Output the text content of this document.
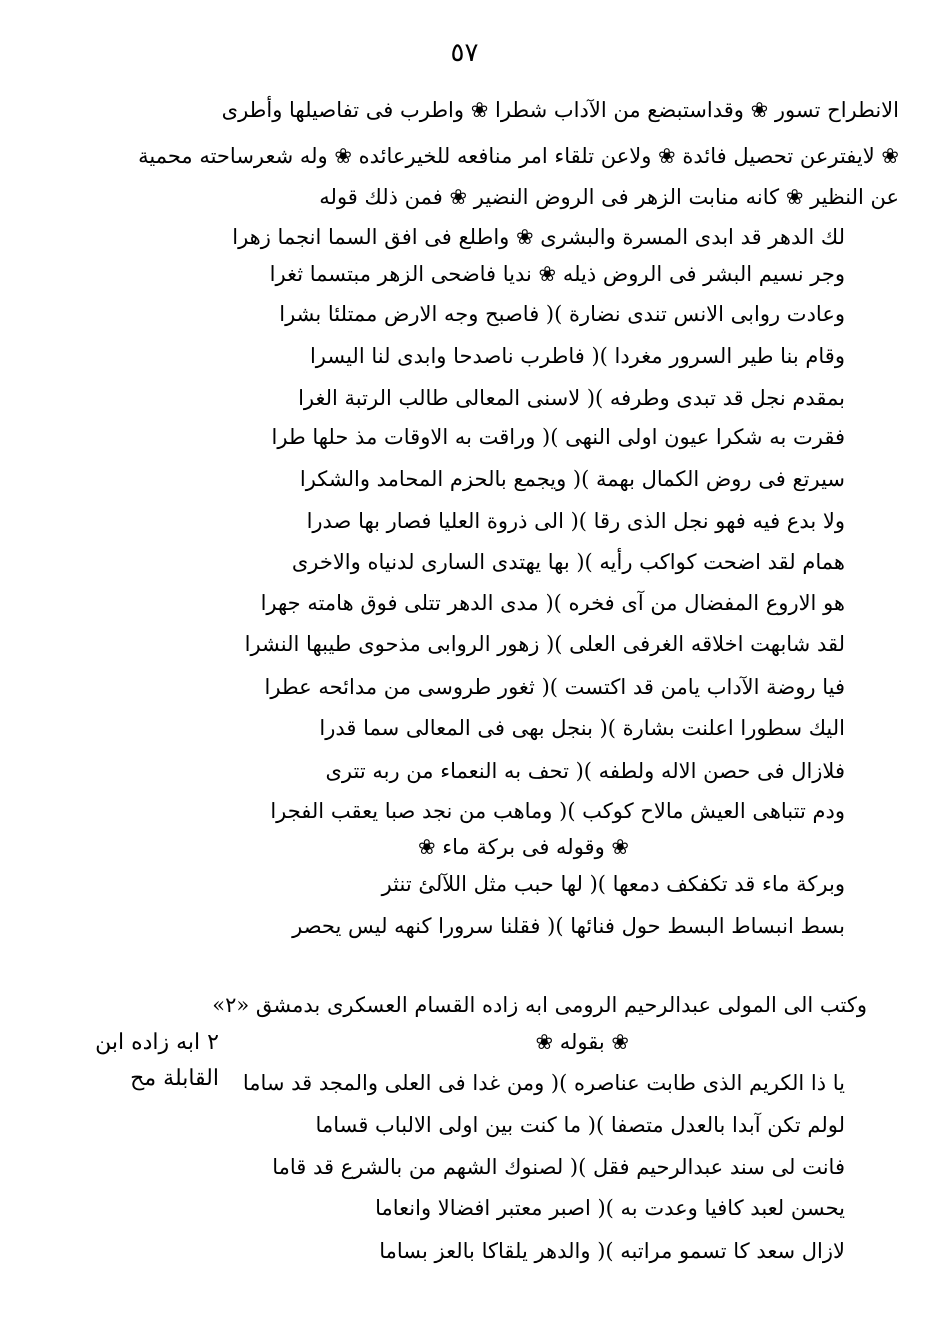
٥٧
الانطراح تسور ❀ وقداستبضع من الآداب شطرا ❀ واطرب فى تفاصيلها وأطرى
❀ لايفترعن تحصيل فائدة ❀ ولاعن تلقاء امر منافعه للخيرعائده ❀ وله شعرساحته محمية
عن النظير ❀ كانه منابت الزهر فى الروض النضير ❀ فمن ذلك قوله
لك الدهر قد ابدى المسرة والبشرى ❀ واطلع فى افق السما انجما زهرا
وجر نسيم البشر فى الروض ذيله ❀ نديا فاضحى الزهر مبتسما ثغرا
وعادت روابى الانس تندى نضارة )( فاصبح وجه الارض ممتلئا بشرا
وقام بنا طير السرور مغردا )( فاطرب ناصدحا وابدى لنا اليسرا
بمقدم نجل قد تبدى وطرفه )( لاسنى المعالى طالب الرتبة الغرا
فقرت به شكرا عيون اولى النهى )( وراقت به الاوقات مذ حلها طرا
سيرتع فى روض الكمال بهمة )( ويجمع بالحزم المحامد والشكرا
ولا بدع فيه فهو نجل الذى رقا )( الى ذروة العليا فصار بها صدرا
همام لقد اضحت كواكب رأيه )( بها يهتدى السارى لدنياه والاخرى
هو الاروع المفضال من آى فخره )( مدى الدهر تتلى فوق هامته جهرا
لقد شابهت اخلاقه الغرفى العلى )( زهور الروابى مذحوى طيبها النشرا
فيا روضة الآداب يامن قد اكتست )( ثغور طروسى من مدائحه عطرا
اليك سطورا اعلنت بشارة )( بنجل بهى فى المعالى سما قدرا
فلازال فى حصن الاله ولطفه )( تحف به النعماء من ربه تترى
ودم تتباهى العيش مالاح كوكب )( وماهب من نجد صبا يعقب الفجرا
❀ وقوله فى بركة ماء ❀
وبركة ماء قد تكفكف دمعها )( لها حبب مثل اللآلئ تنثر
بسط انبساط البسط حول فنائها )( فقلنا سرورا كنهه ليس يحصر
وكتب الى المولى عبدالرحيم الرومى ابه زاده القسام العسكرى بدمشق «٢»
❀ بقوله ❀
يا ذا الكريم الذى طابت عناصره )( ومن غدا فى العلى والمجد قد ساما
لولم تكن آبدا بالعدل متصفا )( ما كنت بين اولى الالباب قساما
فانت لى سند عبدالرحيم فقل )( لصنوك الشهم من بالشرع قد قاما
يحسن لعبد كافيا وعدت به )( اصبر معتبر افضالا وانعاما
لازال سعد كا تسمو مراتبه )( والدهر يلقاكا بالعز بساما
٢ ابه زاده ابن
القابلة مح
